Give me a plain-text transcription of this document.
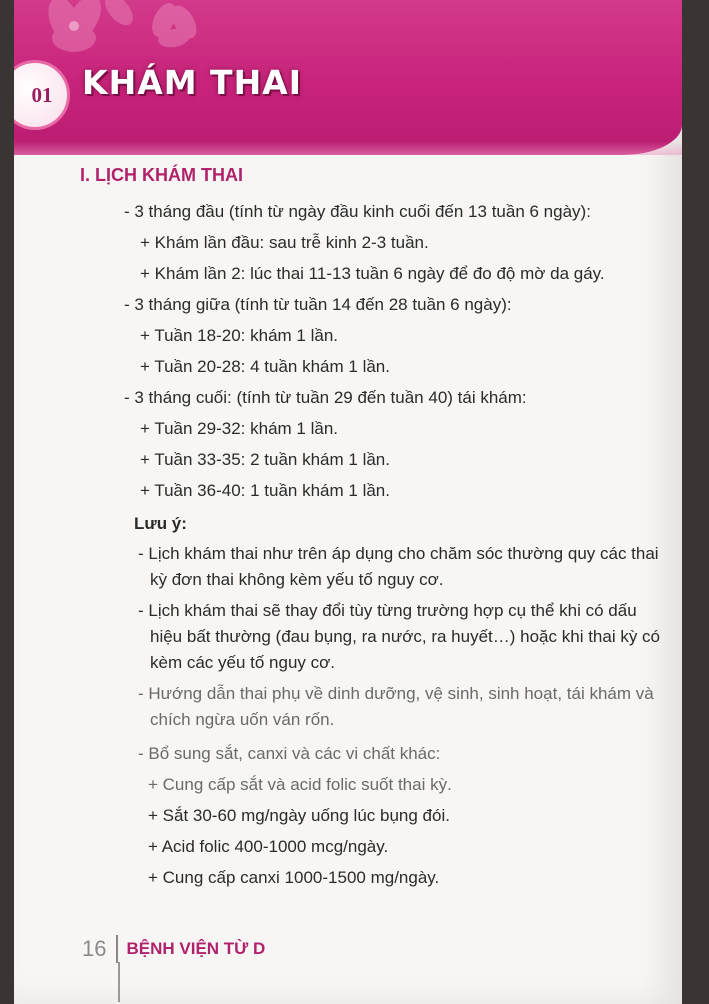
01 KHÁM THAI
I. LỊCH KHÁM THAI
- 3 tháng đầu (tính từ ngày đầu kinh cuối đến 13 tuần 6 ngày):
+ Khám lần đầu: sau trễ kinh 2-3 tuần.
+ Khám lần 2: lúc thai 11-13 tuần 6 ngày để đo độ mờ da gáy.
- 3 tháng giữa (tính từ tuần 14 đến 28 tuần 6 ngày):
+ Tuần 18-20: khám 1 lần.
+ Tuần 20-28: 4 tuần khám 1 lần.
- 3 tháng cuối: (tính từ tuần 29 đến tuần 40) tái khám:
+ Tuần 29-32: khám 1 lần.
+ Tuần 33-35: 2 tuần khám 1 lần.
+ Tuần 36-40: 1 tuần khám 1 lần.
Lưu ý:
- Lịch khám thai như trên áp dụng cho chăm sóc thường quy các thai kỳ đơn thai không kèm yếu tố nguy cơ.
- Lịch khám thai sẽ thay đổi tùy từng trường hợp cụ thể khi có dấu hiệu bất thường (đau bụng, ra nước, ra huyết…) hoặc khi thai kỳ có kèm các yếu tố nguy cơ.
- Hướng dẫn thai phụ về dinh dưỡng, vệ sinh, sinh hoạt, tái khám và chích ngừa uốn ván rốn.
- Bổ sung sắt, canxi và các vi chất khác:
+ Cung cấp sắt và acid folic suốt thai kỳ.
+ Sắt 30-60 mg/ngày uống lúc bụng đói.
+ Acid folic 400-1000 mcg/ngày.
+ Cung cấp canxi 1000-1500 mg/ngày.
16 BỆNH VIỆN TỪ D
